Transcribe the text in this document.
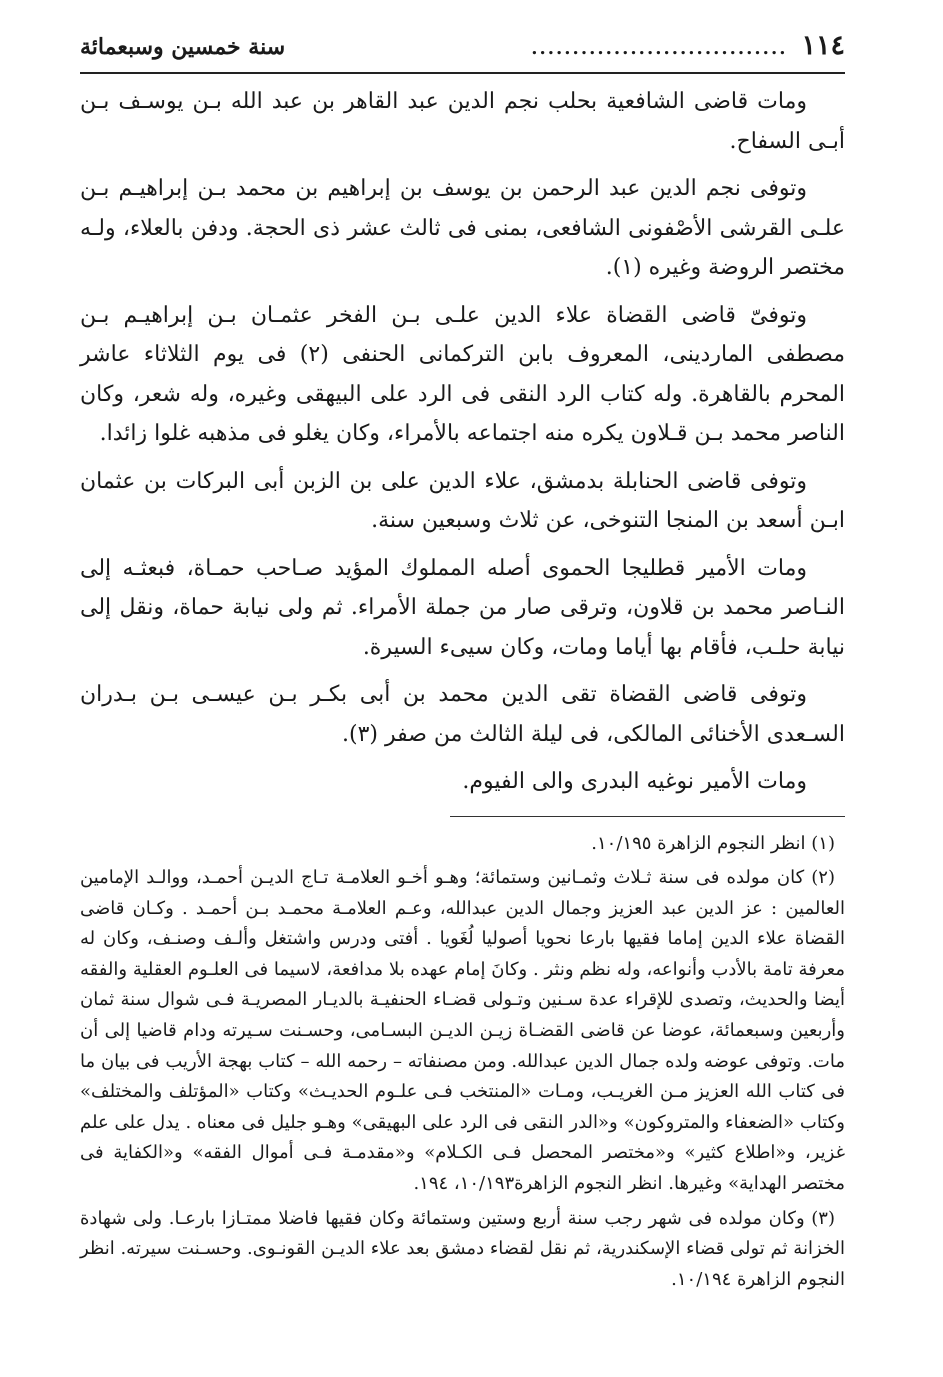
١١٤
...............................
سنة خمسين وسبعمائة

ومات قاضى الشافعية بحلب نجم الدين عبد القاهر بن عبد الله بـن يوسـف بـن أبـى السفاح.

وتوفى نجم الدين عبد الرحمن بن يوسف بن إبراهيم بن محمد بـن إبراهيـم بـن علـى القرشى الأصْفونى الشافعى، بمنى فى ثالث عشر ذى الحجة. ودفن بالعلاء، ولـه مختصر الروضة وغيره (١).

وتوفىّ قاضى القضاة علاء الدين علـى بـن الفخر عثمـان بـن إبراهيـم بـن مصطفى الماردينى، المعروف بابن التركمانى الحنفى (٢) فى يوم الثلاثاء عاشر المحرم بالقاهرة. وله كتاب الرد النقى فى الرد على البيهقى وغيره، وله شعر، وكان الناصر محمد بـن قـلاون يكره منه اجتماعه بالأمراء، وكان يغلو فى مذهبه غلوا زائدا.

وتوفى قاضى الحنابلة بدمشق، علاء الدين على بن الزبن أبى البركات بن عثمان ابـن أسعد بن المنجا التنوخى، عن ثلاث وسبعين سنة.

ومات الأمير قطليجا الحموى أصله المملوك المؤيد صـاحب حمـاة، فبعثـه إلى النـاصر محمد بن قلاون، وترقى صار من جملة الأمراء. ثم ولى نيابة حماة، ونقل إلى نيابة حلـب، فأقام بها أياما ومات، وكان سيىء السيرة.

وتوفى قاضى القضاة تقى الدين محمد بن أبى بكـر بـن عيسـى بـن بـدران السـعدى الأخنائى المالكى، فى ليلة الثالث من صفر (٣).

ومات الأمير نوغيه البدرى والى الفيوم.

(١) انظر النجوم الزاهرة ١٠/١٩٥.

(٢) كان مولده فى سنة ثـلاث وثمـانين وستمائة؛ وهـو أخـو العلامـة تـاج الديـن أحمـد، ووالـد الإمامين العالمين : عز الدين عبد العزيز وجمال الدين عبدالله، وعـم العلامـة محمـد بـن أحمـد . وكـان قاضى القضاة علاء الدين إماما فقيها بارعا نحويا أصوليا لُغَويا . أفتى ودرس واشتغل وألـف وصنـف، وكان له معرفة تامة بالأدب وأنواعه، وله نظم ونثر . وكانَ إمام عهده بلا مدافعة، لاسيما فى العلـوم العقلية والفقه أيضا والحديث، وتصدى للإقراء عدة سـنين وتـولى قضـاء الحنفيـة بالديـار المصريـة فـى شوال سنة ثمان وأربعين وسبعمائة، عوضا عن قاضى القضـاة زيـن الديـن البسـامى، وحسـنت سـيرته ودام قاضيا إلى أن مات. وتوفى عوضه ولده جمال الدين عبدالله. ومن مصنفاته – رحمه الله – كتاب بهجة الأريب فى بيان ما فى كتاب الله العزيز مـن الغريـب، ومـات «المنتخب فـى علـوم الحديـث» وكتاب «المؤتلف والمختلف» وكتاب «الضعفاء والمتروكون» و«الدر النقى فى الرد على البهيقى» وهـو جليل فى معناه . يدل على علم غزير، و«اطلاع كثير» و«مختصر المحصل فـى الكـلام» و«مقدمـة فـى أموال الفقه» و«الكفاية فى مختصر الهداية» وغيرها. انظر النجوم الزاهرة١٠/١٩٣، ١٩٤.

(٣) وكان مولده فى شهر رجب سنة أربع وستين وستمائة وكان فقيها فاضلا ممتـازا بارعـا. ولى شهادة الخزانة ثم تولى قضاء الإسكندرية، ثم نقل لقضاء دمشق بعد علاء الديـن القونـوى. وحسـنت سيرته. انظر النجوم الزاهرة ١٠/١٩٤.
